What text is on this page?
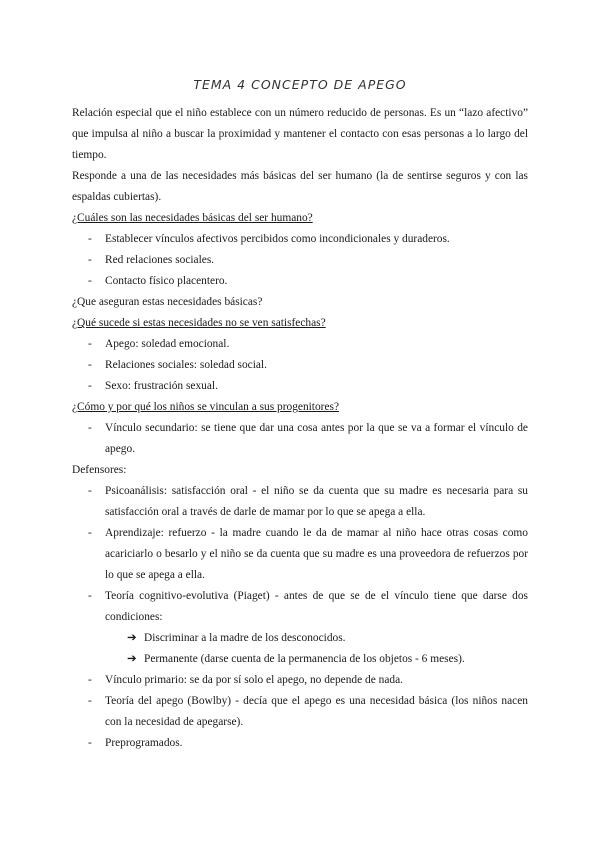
TEMA 4 CONCEPTO DE APEGO

Relación especial que el niño establece con un número reducido de personas. Es un “lazo afectivo” que impulsa al niño a buscar la proximidad y mantener el contacto con esas personas a lo largo del tiempo.

Responde a una de las necesidades más básicas del ser humano (la de sentirse seguros y con las espaldas cubiertas).

¿Cuáles son las necesidades básicas del ser humano?

- Establecer vínculos afectivos percibidos como incondicionales y duraderos.

- Red relaciones sociales.

- Contacto físico placentero.

¿Que aseguran estas necesidades básicas?

¿Qué sucede si estas necesidades no se ven satisfechas?

- Apego: soledad emocional.

- Relaciones sociales: soledad social.

- Sexo: frustración sexual.

¿Cómo y por qué los niños se vinculan a sus progenitores?

- Vínculo secundario: se tiene que dar una cosa antes por la que se va a formar el vínculo de apego.

Defensores:

- Psicoanálisis: satisfacción oral - el niño se da cuenta que su madre es necesaria para su satisfacción oral a través de darle de mamar por lo que se apega a ella.

- Aprendizaje: refuerzo - la madre cuando le da de mamar al niño hace otras cosas como acariciarlo o besarlo y el niño se da cuenta que su madre es una proveedora de refuerzos por lo que se apega a ella.

- Teoría cognitivo-evolutiva (Piaget) - antes de que se de el vínculo tiene que darse dos condiciones:

➔ Discriminar a la madre de los desconocidos.

➔ Permanente (darse cuenta de la permanencia de los objetos - 6 meses).

- Vínculo primario: se da por sí solo el apego, no depende de nada.

- Teoría del apego (Bowlby) - decía que el apego es una necesidad básica (los niños nacen con la necesidad de apegarse).

- Preprogramados.
